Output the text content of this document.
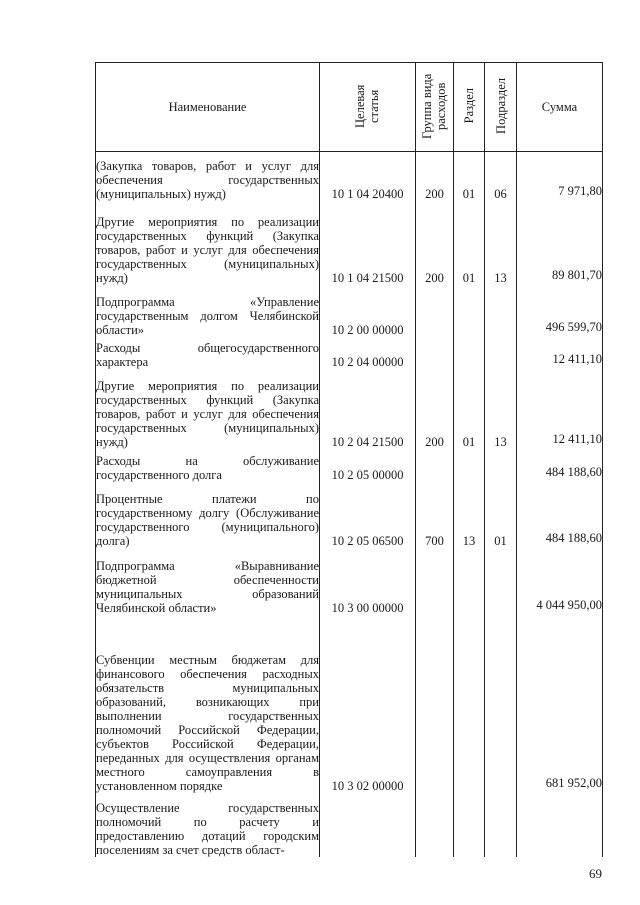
Наименование	Целевая статья	Группа вида расходов	Раздел	Подраздел	Сумма
(Закупка товаров, работ и услуг для обеспечения государственных (муниципальных) нужд)	10 1 04 20400	200	01	06	7 971,80
Другие мероприятия по реализации государственных функций (Закупка товаров, работ и услуг для обеспечения государственных (муниципальных) нужд)	10 1 04 21500	200	01	13	89 801,70
Подпрограмма «Управление государственным долгом Челябинской области»	10 2 00 00000				496 599,70
Расходы общегосударственного характера	10 2 04 00000				12 411,10
Другие мероприятия по реализации государственных функций (Закупка товаров, работ и услуг для обеспечения государственных (муниципальных) нужд)	10 2 04 21500	200	01	13	12 411,10
Расходы на обслуживание государственного долга	10 2 05 00000				484 188,60
Процентные платежи по государственному долгу (Обслуживание государственного (муниципального) долга)	10 2 05 06500	700	13	01	484 188,60
Подпрограмма «Выравнивание бюджетной обеспеченности муниципальных образований Челябинской области»	10 3 00 00000				4 044 950,00
Субвенции местным бюджетам для финансового обеспечения расходных обязательств муниципальных образований, возникающих при выполнении государственных полномочий Российской Федерации, субъектов Российской Федерации, переданных для осуществления органам местного самоуправления в установленном порядке	10 3 02 00000				681 952,00
Осуществление государственных полномочий по расчету и предоставлению дотаций городским поселениям за счет средств област-					
69
